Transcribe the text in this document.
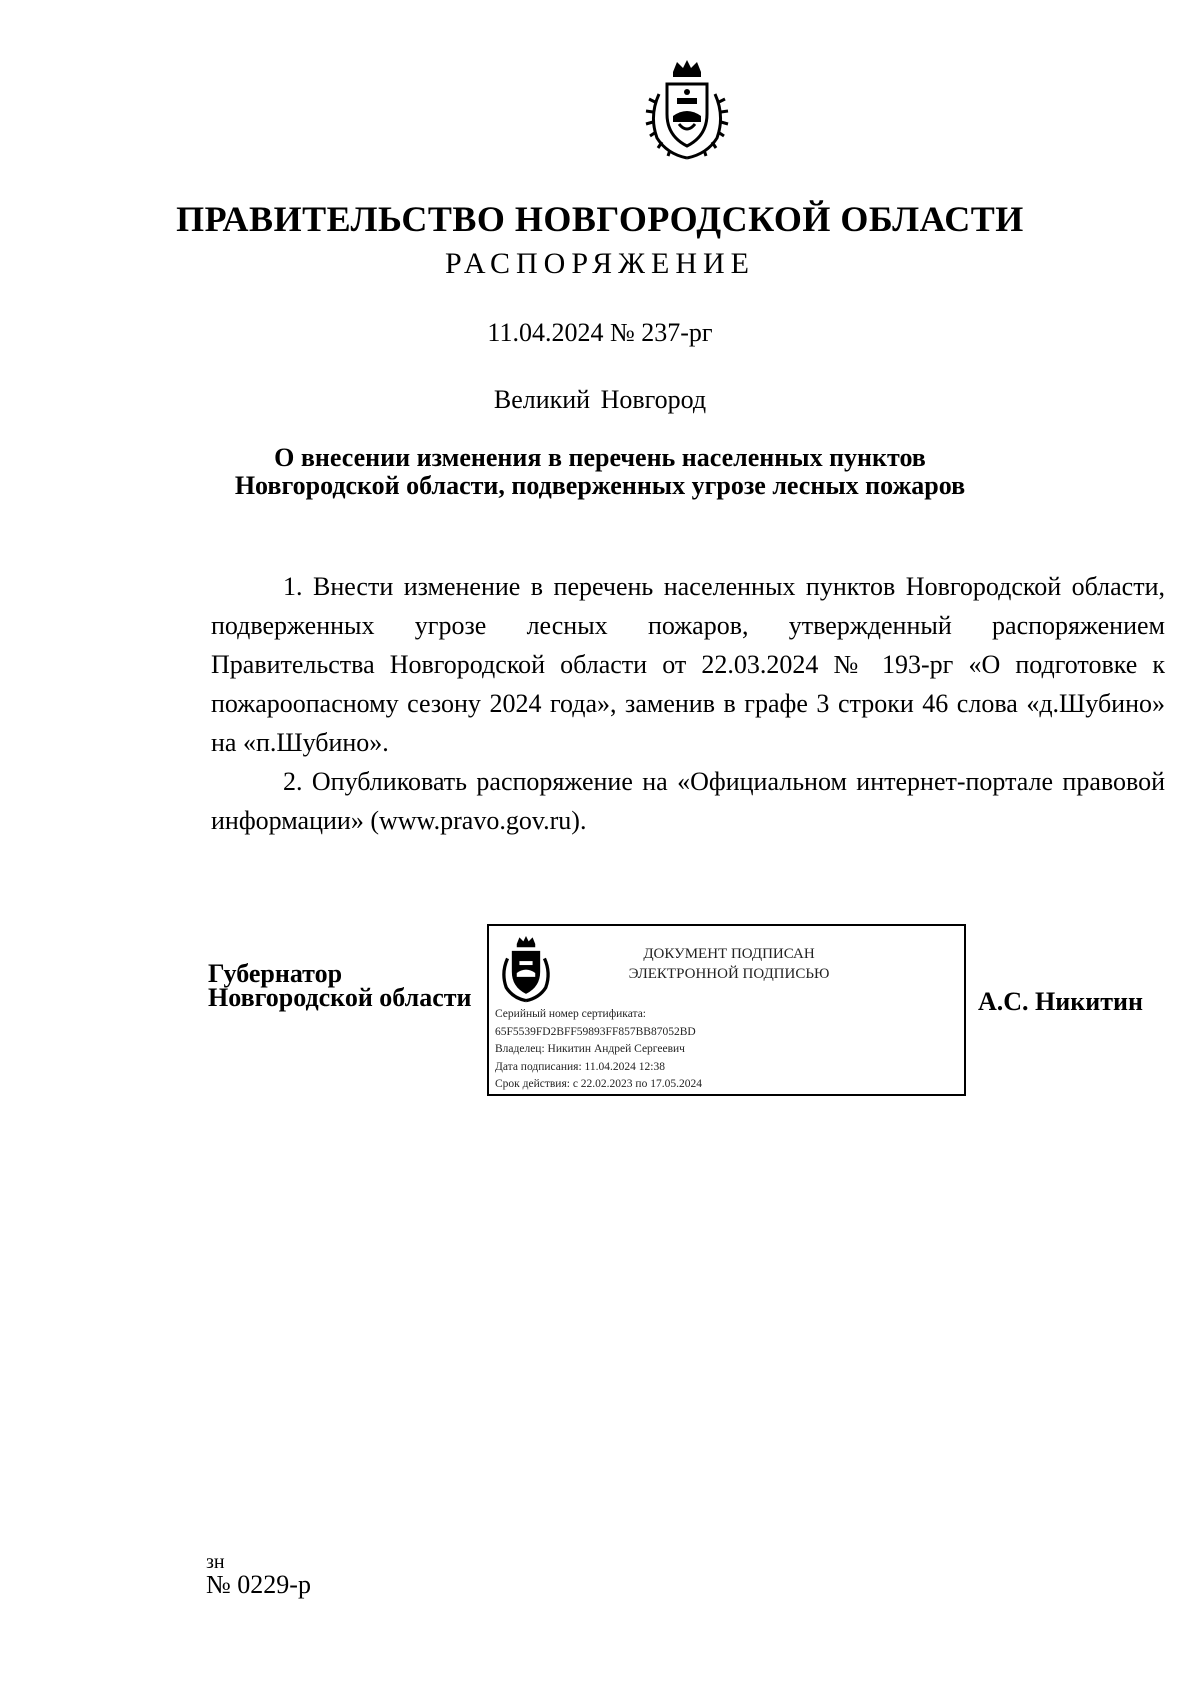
ПРАВИТЕЛЬСТВО НОВГОРОДСКОЙ ОБЛАСТИ
РАСПОРЯЖЕНИЕ
11.04.2024 № 237-рг
Великий Новгород
О внесении изменения в перечень населенных пунктов
Новгородской области, подверженных угрозе лесных пожаров

1. Внести изменение в перечень населенных пунктов Новгородской области, подверженных угрозе лесных пожаров, утвержденный распоряжением Правительства Новгородской области от 22.03.2024 № 193-рг «О подготовке к пожароопасному сезону 2024 года», заменив в графе 3 строки 46 слова «д.Шубино» на «п.Шубино».

2. Опубликовать распоряжение на «Официальном интернет-портале правовой информации» (www.pravo.gov.ru).

Губернатор
Новгородской области
ДОКУМЕНТ ПОДПИСАН
ЭЛЕКТРОННОЙ ПОДПИСЬЮ
Серийный номер сертификата:
65F5539FD2BFF59893FF857BB87052BD
Владелец: Никитин Андрей Сергеевич
Дата подписания: 11.04.2024 12:38
Срок действия: с 22.02.2023 по 17.05.2024
А.С. Никитин
зн
№ 0229-р
